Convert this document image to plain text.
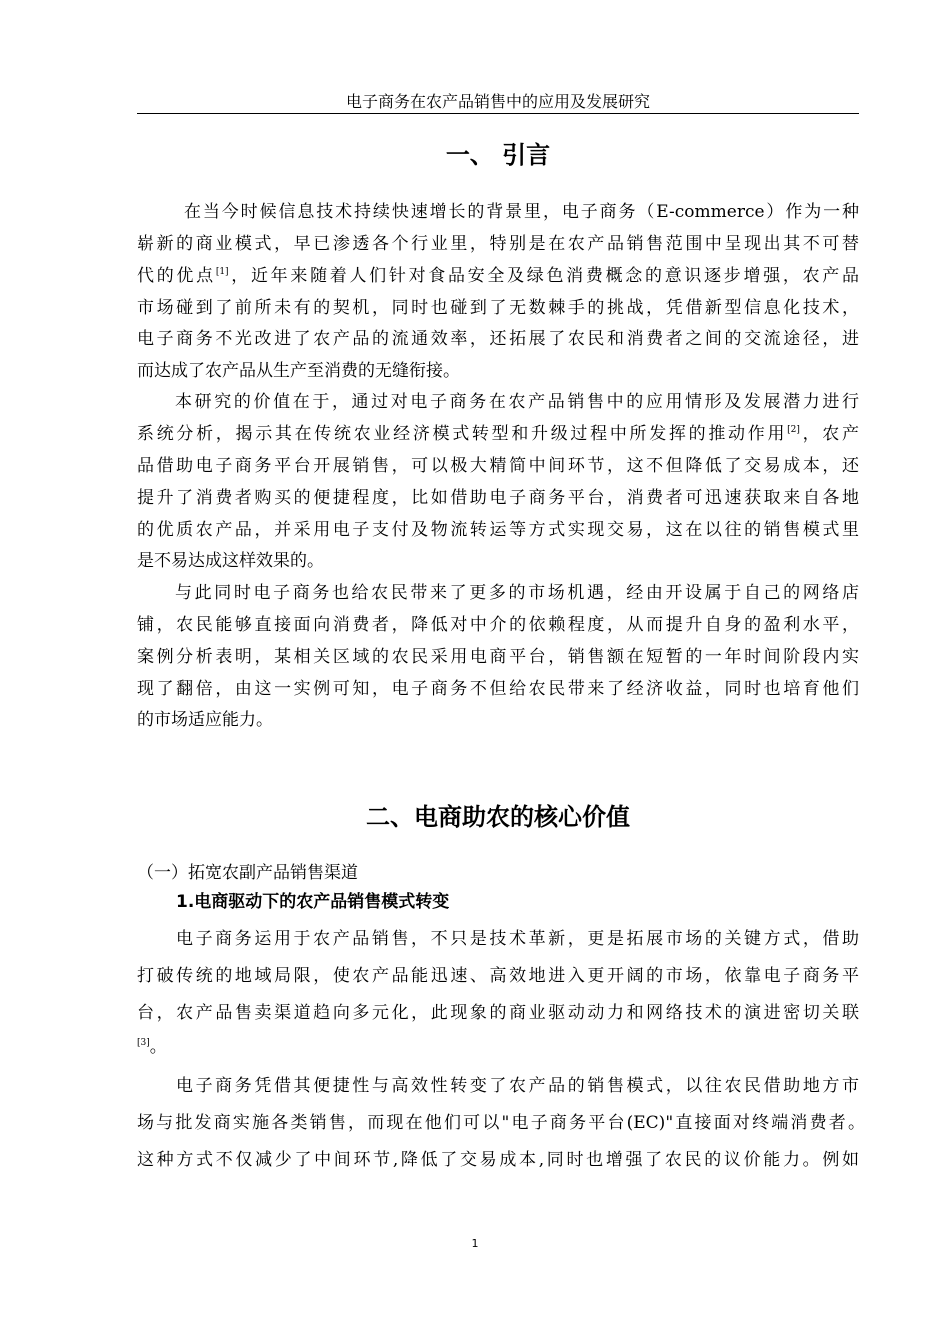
电子商务在农产品销售中的应用及发展研究
一、 引言
在当今时候信息技术持续快速增长的背景里，电子商务（E-commerce）作为一种
崭新的商业模式，早已渗透各个行业里，特别是在农产品销售范围中呈现出其不可替
代的优点[1]，近年来随着人们针对食品安全及绿色消费概念的意识逐步增强，农产品
市场碰到了前所未有的契机，同时也碰到了无数棘手的挑战，凭借新型信息化技术，
电子商务不光改进了农产品的流通效率，还拓展了农民和消费者之间的交流途径，进
而达成了农产品从生产至消费的无缝衔接。
本研究的价值在于，通过对电子商务在农产品销售中的应用情形及发展潜力进行
系统分析，揭示其在传统农业经济模式转型和升级过程中所发挥的推动作用[2]，农产
品借助电子商务平台开展销售，可以极大精简中间环节，这不但降低了交易成本，还
提升了消费者购买的便捷程度，比如借助电子商务平台，消费者可迅速获取来自各地
的优质农产品，并采用电子支付及物流转运等方式实现交易，这在以往的销售模式里
是不易达成这样效果的。
与此同时电子商务也给农民带来了更多的市场机遇，经由开设属于自己的网络店
铺，农民能够直接面向消费者，降低对中介的依赖程度，从而提升自身的盈利水平，
案例分析表明，某相关区域的农民采用电商平台，销售额在短暂的一年时间阶段内实
现了翻倍，由这一实例可知，电子商务不但给农民带来了经济收益，同时也培育他们
的市场适应能力。
二、电商助农的核心价值
（一）拓宽农副产品销售渠道
1.电商驱动下的农产品销售模式转变
电子商务运用于农产品销售，不只是技术革新，更是拓展市场的关键方式，借助
打破传统的地域局限，使农产品能迅速、高效地进入更开阔的市场，依靠电子商务平
台，农产品售卖渠道趋向多元化，此现象的商业驱动动力和网络技术的演进密切关联
[3]。
电子商务凭借其便捷性与高效性转变了农产品的销售模式，以往农民借助地方市
场与批发商实施各类销售，而现在他们可以"电子商务平台(EC)"直接面对终端消费者。
这种方式不仅减少了中间环节,降低了交易成本,同时也增强了农民的议价能力。例如
1
